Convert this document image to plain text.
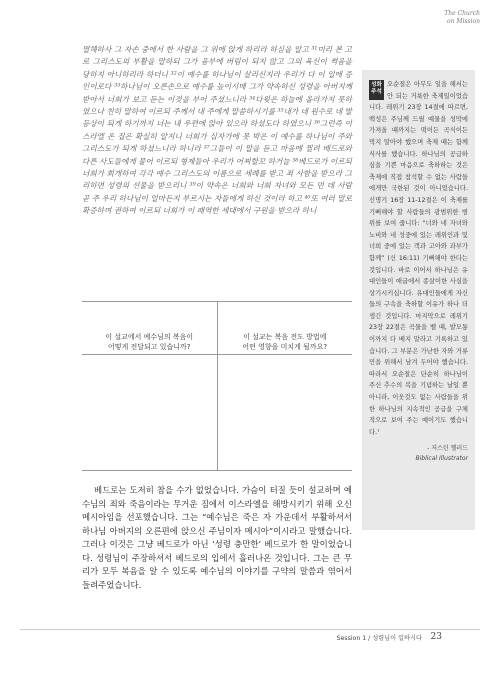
The Church
on Mission

멸해하사 그 자손 중에서 한 사람을 그 위에 앉게 하리라 하심을 알고 ³¹미리 본 고로 그리스도의 부활을 말하되 그가 음부에 버림이 되지 않고 그의 육신이 썩음을 당하지 아니하리라 하더니 ³²이 예수를 하나님이 살리신지라 우리가 다 이 일에 증인이로다 ³³하나님이 오른손으로 예수를 높이시매 그가 약속하신 성령을 아버지께 받아서 너희가 보고 듣는 이것을 부어 주셨느니라 ³⁴다윗은 하늘에 올라가지 못하였으나 친히 말하여 이르되 주께서 내 주에게 말씀하시기를 ³⁵내가 네 원수로 네 발등상이 되게 하기까지 너는 내 우편에 앉아 있으라 하셨도다 하였으니 ³⁶그런즉 이스라엘 온 집은 확실히 알지니 너희가 십자가에 못 박은 이 예수를 하나님이 주와 그리스도가 되게 하셨느니라 하니라 ³⁷그들이 이 말을 듣고 마음에 찔려 베드로와 다른 사도들에게 물어 이르되 형제들아 우리가 어찌할꼬 하거늘 ³⁸베드로가 이르되 너희가 회개하여 각각 예수 그리스도의 이름으로 세례를 받고 죄 사함을 받으라 그리하면 성령의 선물을 받으리니 ³⁹이 약속은 너희와 너희 자녀와 모든 먼 데 사람 곧 주 우리 하나님이 얼마든지 부르시는 자들에게 하신 것이라 하고 ⁴⁰또 여러 말로 확증하며 권하여 이르되 너희가 이 패역한 세대에서 구원을 받으라 하니

이 설교에서 예수님의 복음이
어떻게 전달되고 있습니까?
이 설교는 복음 전도 방법에
어떤 영향을 미치게 될까요?

베드로는 도저히 참을 수가 없었습니다. 가슴이 터질 듯이 설교하며 예수님의 죄와 죽음이라는 무거운 짐에서 이스라엘을 해방시키기 위해 오신 메시아임을 선포했습니다. 그는 “예수님은 죽은 자 가운데서 부활하셔서 하나님 아버지의 오른편에 앉으신 주님이자 메시아”이시라고 말했습니다. 그러나 이것은 그냥 베드로가 아닌 ‘성령 충만한’ 베드로가 한 말이었습니다. 성령님이 주장하셔서 베드로의 입에서 흘러나온 것입니다. 그는 큰 무리가 모두 복음을 알 수 있도록 예수님의 이야기를 구약의 말씀과 엮어서 들려주었습니다.

성화
주석

오순절은 아무도 일을 해서는 안 되는 거룩한 축제일이었습니다. 레위기 23장 14절에 따르면, 백성은 주님께 드릴 예물을 성막에 가져올 때까지는 떡이든 곡식이든 먹지 말아야 했으며 축제 때는 함께 식사를 했습니다. 하나님의 공급하심을 기쁜 마음으로 축하하는 것은 축제에 직접 참석할 수 없는 사람들에게만 국한된 것이 아니었습니다. 신명기 16장 11-12절은 이 축제를 기뻐해야 할 사람들의 광범위한 범위를 보여 줍니다: “너와 네 자녀와 노비와 네 성중에 있는 레위인과 및 너희 중에 있는 객과 고아와 과부가 함께” (신 16:11) 기뻐해야 한다는 것입니다. 바로 이어서 하나님은 유대인들이 애굽에서 종살이한 사실을 상기시키십니다. 유대인들에게 자신들의 구속을 축하할 이유가 하나 더 생긴 것입니다. 마지막으로 레위기 23장 22절은 곡물을 벨 때, 밭모퉁이까지 다 베지 말라고 기록하고 있습니다. 그 부분은 가난한 자와 거류민을 위해서 남겨 두어야 했습니다. 따라서 오순절은 단순히 하나님이 주신 추수의 복을 기념하는 날일 뿐 아니라, 이웃것도 없는 사람들을 위한 하나님의 지속적인 공급을 구체적으로 보여 주는 예이기도 했습니다.⁷

- 저스틴 헬러드
Biblical Illustrator
Session 1 / 성령님이 일하시다 23
